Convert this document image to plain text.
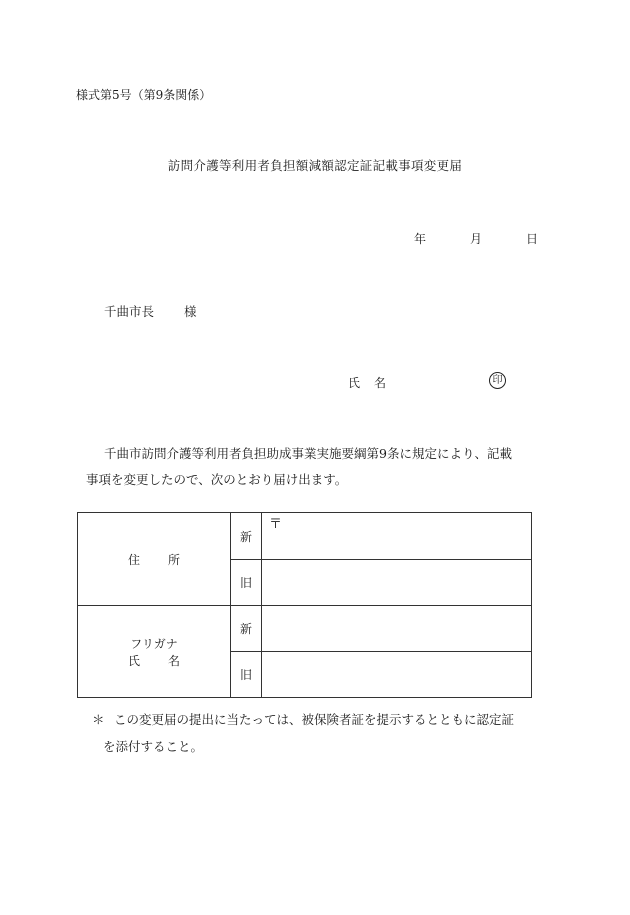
様式第5号（第9条関係）
訪問介護等利用者負担額減額認定証記載事項変更届
年	月	日
千曲市長 様
氏 名	印

千曲市訪問介護等利用者負担助成事業実施要綱第9条に規定により、記載

事項を変更したので、次のとおり届け出ます。

住 所	新	〒

	旧	

フリガナ
氏 名	新	
	旧	

＊ この変更届の提出に当たっては、被保険者証を提示するとともに認定証

を添付すること。
